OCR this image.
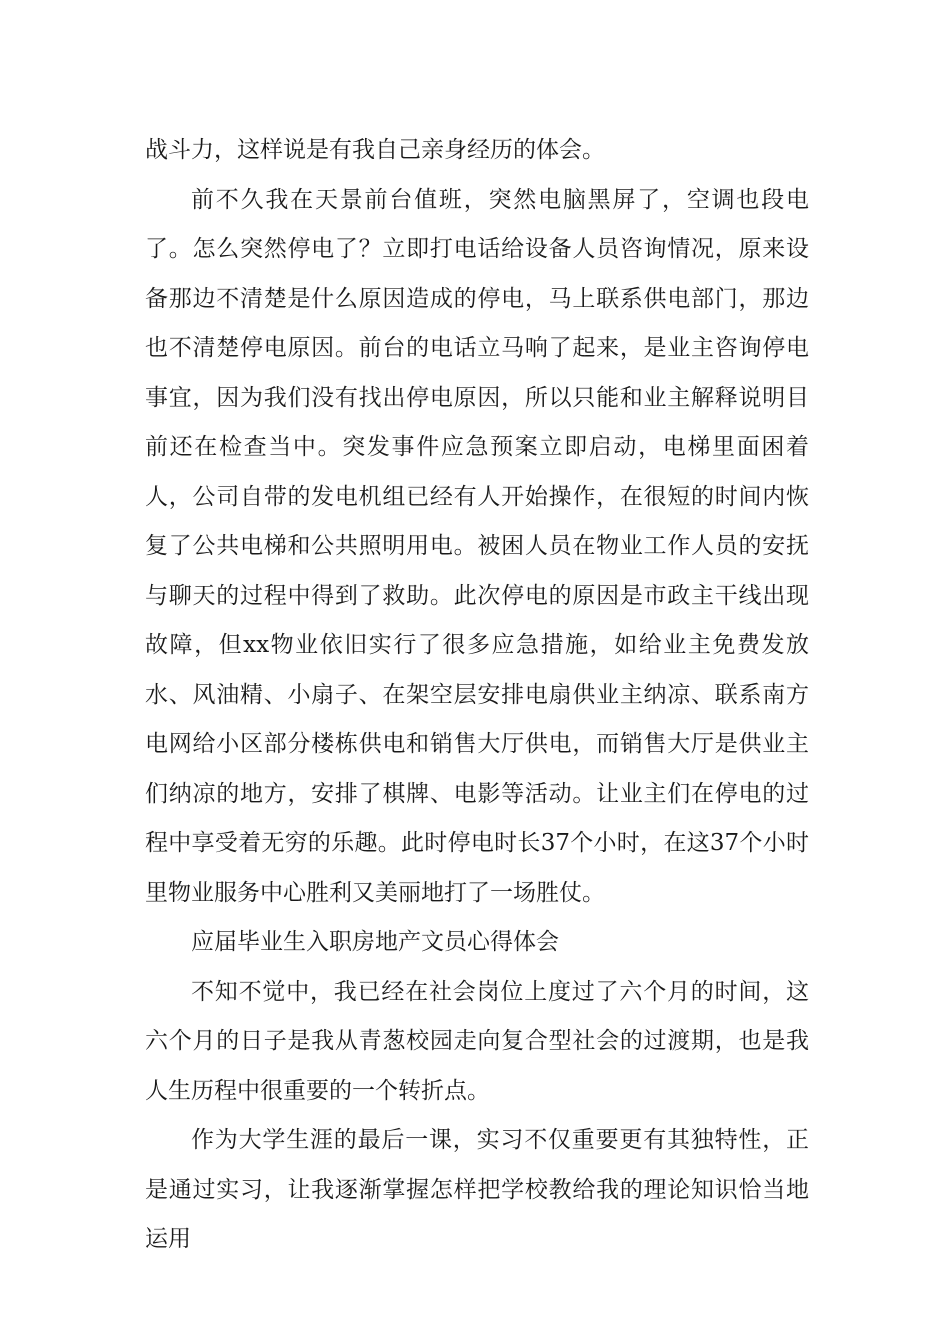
战斗力，这样说是有我自己亲身经历的体会。

前不久我在天景前台值班，突然电脑黑屏了，空调也段电了。怎么突然停电了？立即打电话给设备人员咨询情况，原来设备那边不清楚是什么原因造成的停电，马上联系供电部门，那边也不清楚停电原因。前台的电话立马响了起来，是业主咨询停电事宜，因为我们没有找出停电原因，所以只能和业主解释说明目前还在检查当中。突发事件应急预案立即启动，电梯里面困着人，公司自带的发电机组已经有人开始操作，在很短的时间内恢复了公共电梯和公共照明用电。被困人员在物业工作人员的安抚与聊天的过程中得到了救助。此次停电的原因是市政主干线出现故障，但xx物业依旧实行了很多应急措施，如给业主免费发放水、风油精、小扇子、在架空层安排电扇供业主纳凉、联系南方电网给小区部分楼栋供电和销售大厅供电，而销售大厅是供业主们纳凉的地方，安排了棋牌、电影等活动。让业主们在停电的过程中享受着无穷的乐趣。此时停电时长37个小时，在这37个小时里物业服务中心胜利又美丽地打了一场胜仗。

应届毕业生入职房地产文员心得体会

不知不觉中，我已经在社会岗位上度过了六个月的时间，这六个月的日子是我从青葱校园走向复合型社会的过渡期，也是我人生历程中很重要的一个转折点。

作为大学生涯的最后一课，实习不仅重要更有其独特性，正是通过实习，让我逐渐掌握怎样把学校教给我的理论知识恰当地运用
